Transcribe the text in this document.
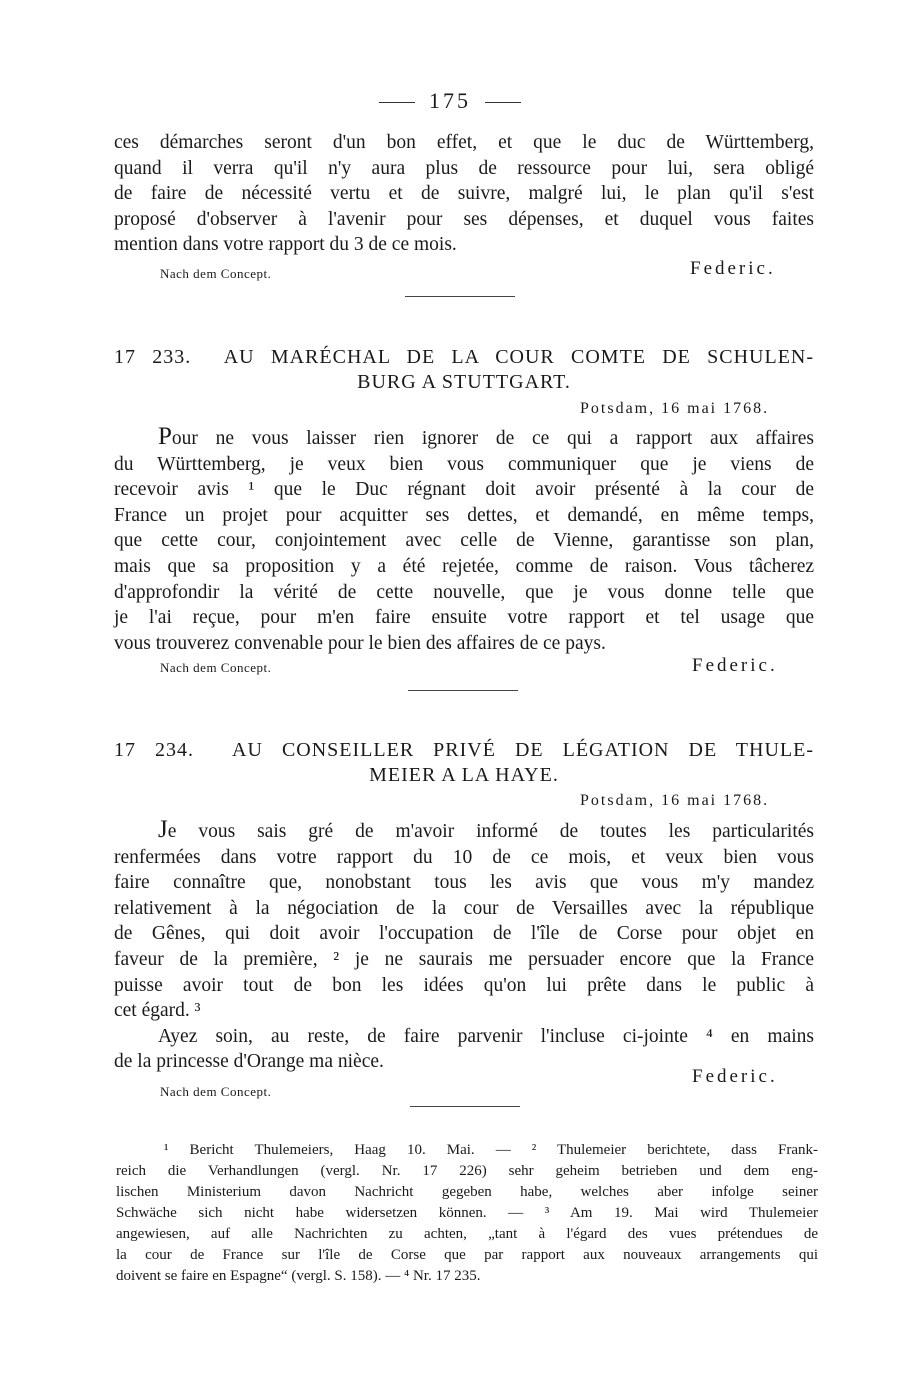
175
ces démarches seront d'un bon effet, et que le duc de Württemberg,
quand il verra qu'il n'y aura plus de ressource pour lui, sera obligé
de faire de nécessité vertu et de suivre, malgré lui, le plan qu'il s'est
proposé d'observer à l'avenir pour ses dépenses, et duquel vous faites
mention dans votre rapport du 3 de ce mois.
Nach dem Concept.	Federic.
17 233. AU MARÉCHAL DE LA COUR COMTE DE SCHULEN-
BURG A STUTTGART.
Potsdam, 16 mai 1768.
Pour ne vous laisser rien ignorer de ce qui a rapport aux affaires
du Württemberg, je veux bien vous communiquer que je viens de
recevoir avis ¹ que le Duc régnant doit avoir présenté à la cour de
France un projet pour acquitter ses dettes, et demandé, en même temps,
que cette cour, conjointement avec celle de Vienne, garantisse son plan,
mais que sa proposition y a été rejetée, comme de raison. Vous tâcherez
d'approfondir la vérité de cette nouvelle, que je vous donne telle que
je l'ai reçue, pour m'en faire ensuite votre rapport et tel usage que
vous trouverez convenable pour le bien des affaires de ce pays.
Nach dem Concept.	Federic.
17 234. AU CONSEILLER PRIVÉ DE LÉGATION DE THULE-
MEIER A LA HAYE.
Potsdam, 16 mai 1768.
Je vous sais gré de m'avoir informé de toutes les particularités
renfermées dans votre rapport du 10 de ce mois, et veux bien vous
faire connaître que, nonobstant tous les avis que vous m'y mandez
relativement à la négociation de la cour de Versailles avec la république
de Gênes, qui doit avoir l'occupation de l'île de Corse pour objet en
faveur de la première, ² je ne saurais me persuader encore que la France
puisse avoir tout de bon les idées qu'on lui prête dans le public à
cet égard. ³
Ayez soin, au reste, de faire parvenir l'incluse ci-jointe ⁴ en mains
de la princesse d'Orange ma nièce.
Federic.
Nach dem Concept.
¹ Bericht Thulemeiers, Haag 10. Mai. — ² Thulemeier berichtete, dass Frank-
reich die Verhandlungen (vergl. Nr. 17 226) sehr geheim betrieben und dem eng-
lischen Ministerium davon Nachricht gegeben habe, welches aber infolge seiner
Schwäche sich nicht habe widersetzen können. — ³ Am 19. Mai wird Thulemeier
angewiesen, auf alle Nachrichten zu achten, „tant à l'égard des vues prétendues de
la cour de France sur l'île de Corse que par rapport aux nouveaux arrangements qui
doivent se faire en Espagne“ (vergl. S. 158). — ⁴ Nr. 17 235.
